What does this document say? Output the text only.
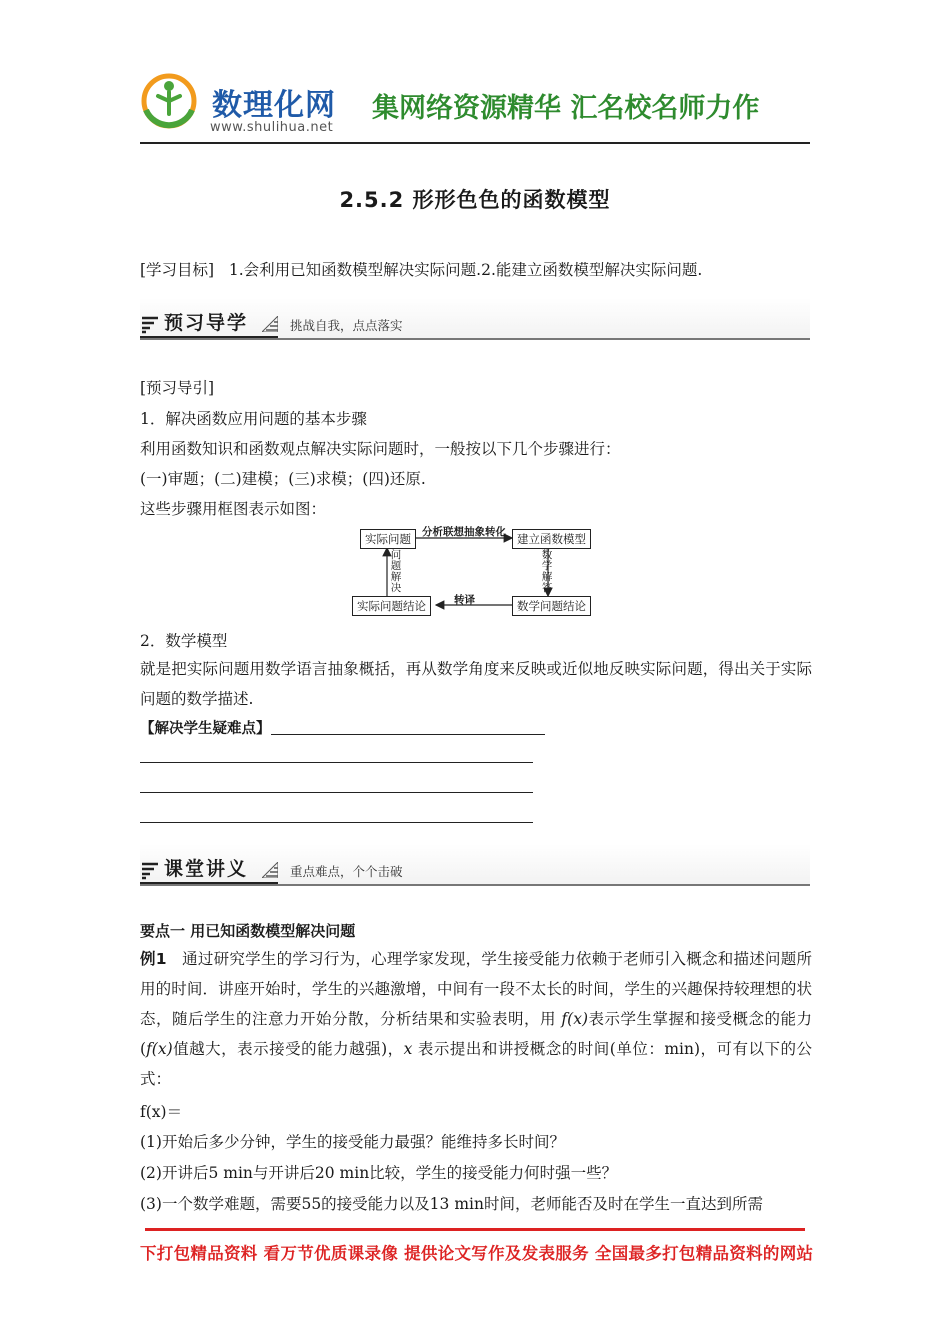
数理化网
www.shulihua.net
集网络资源精华 汇名校名师力作
2.5.2 形形色色的函数模型
[学习目标] 1.会利用已知函数模型解决实际问题.2.能建立函数模型解决实际问题.
预习导学	挑战自我，点点落实
[预习导引]
1．解决函数应用问题的基本步骤
利用函数知识和函数观点解决实际问题时，一般按以下几个步骤进行：
(一)审题；(二)建模；(三)求模；(四)还原.
这些步骤用框图表示如图：
实际问题	建立函数模型
实际问题结论	数学问题结论
分析联想抽象转化
转译
问题解决
数学解答
2．数学模型
就是把实际问题用数学语言抽象概括，再从数学角度来反映或近似地反映实际问题，得出关于实际问题的数学描述.
【解决学生疑难点】
课堂讲义	重点难点，个个击破
要点一 用已知函数模型解决问题
例1 通过研究学生的学习行为，心理学家发现，学生接受能力依赖于老师引入概念和描述问题所用的时间．讲座开始时，学生的兴趣激增，中间有一段不太长的时间，学生的兴趣保持较理想的状态，随后学生的注意力开始分散，分析结果和实验表明，用 f(x)表示学生掌握和接受概念的能力(f(x)值越大，表示接受的能力越强)，x 表示提出和讲授概念的时间(单位：min)，可有以下的公式：
f(x)＝
(1)开始后多少分钟，学生的接受能力最强？能维持多长时间？
(2)开讲后5 min与开讲后20 min比较，学生的接受能力何时强一些？
(3)一个数学难题，需要55的接受能力以及13 min时间，老师能否及时在学生一直达到所需
下打包精品资料 看万节优质课录像 提供论文写作及发表服务 全国最多打包精品资料的网站
